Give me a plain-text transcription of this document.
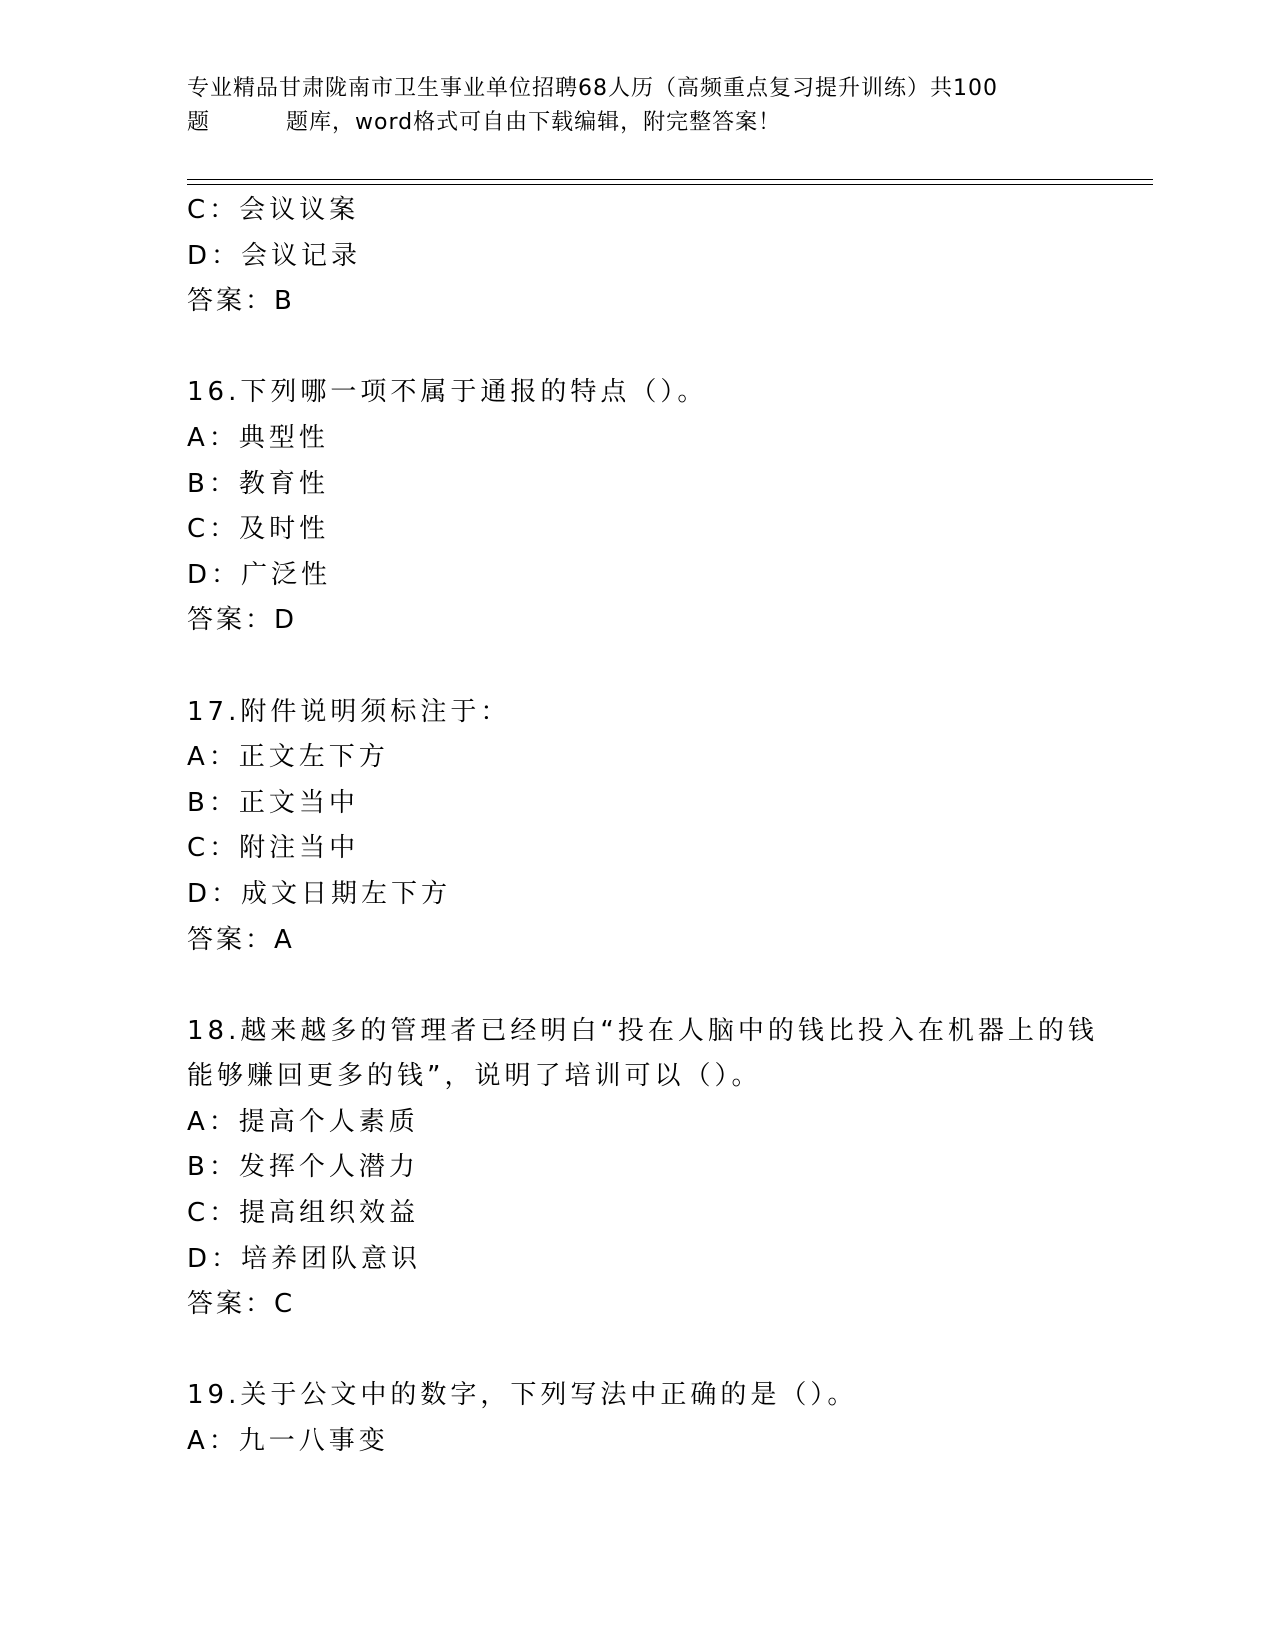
专业精品甘肃陇南市卫生事业单位招聘68人历（高频重点复习提升训练）共100
题	题库，word格式可自由下载编辑，附完整答案！
C：会议议案
D：会议记录
答案：B
16.下列哪一项不属于通报的特点（）。
A：典型性
B：教育性
C：及时性
D：广泛性
答案：D
17.附件说明须标注于：
A：正文左下方
B：正文当中
C：附注当中
D：成文日期左下方
答案：A
18.越来越多的管理者已经明白“投在人脑中的钱比投入在机器上的钱
能够赚回更多的钱”，说明了培训可以（）。
A：提高个人素质
B：发挥个人潜力
C：提高组织效益
D：培养团队意识
答案：C
19.关于公文中的数字，下列写法中正确的是（）。
A：九一八事变
